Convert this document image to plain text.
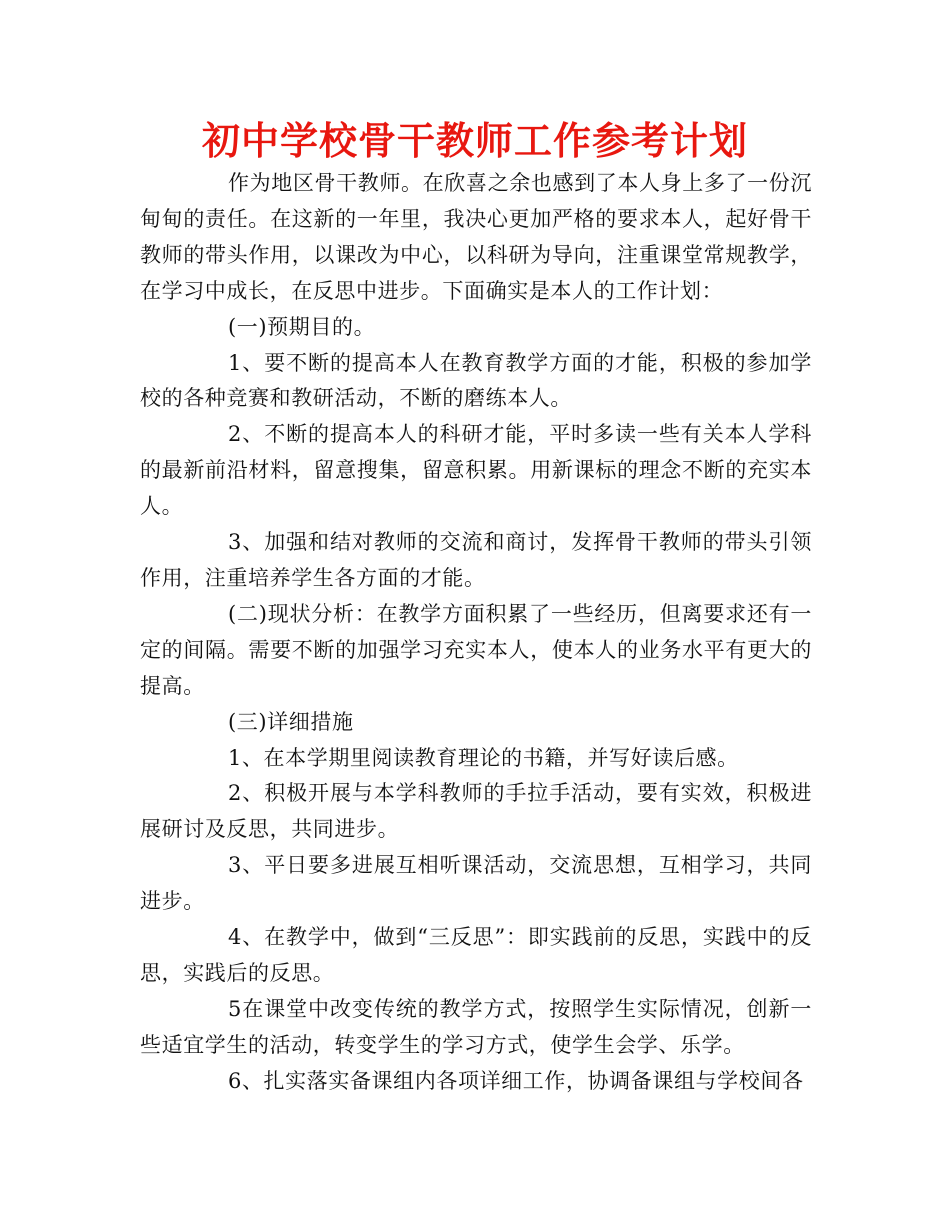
初中学校骨干教师工作参考计划

作为地区骨干教师。在欣喜之余也感到了本人身上多了一份沉甸甸的责任。在这新的一年里，我决心更加严格的要求本人，起好骨干教师的带头作用，以课改为中心，以科研为导向，注重课堂常规教学，在学习中成长，在反思中进步。下面确实是本人的工作计划：

(一)预期目的。

1、要不断的提高本人在教育教学方面的才能，积极的参加学校的各种竞赛和教研活动，不断的磨练本人。

2、不断的提高本人的科研才能，平时多读一些有关本人学科的最新前沿材料，留意搜集，留意积累。用新课标的理念不断的充实本人。

3、加强和结对教师的交流和商讨，发挥骨干教师的带头引领作用，注重培养学生各方面的才能。

(二)现状分析：在教学方面积累了一些经历，但离要求还有一定的间隔。需要不断的加强学习充实本人，使本人的业务水平有更大的提高。

(三)详细措施

1、在本学期里阅读教育理论的书籍，并写好读后感。

2、积极开展与本学科教师的手拉手活动，要有实效，积极进展研讨及反思，共同进步。

3、平日要多进展互相听课活动，交流思想，互相学习，共同进步。

4、在教学中，做到“三反思”：即实践前的反思，实践中的反思，实践后的反思。

5在课堂中改变传统的教学方式，按照学生实际情况，创新一些适宜学生的活动，转变学生的学习方式，使学生会学、乐学。

6、扎实落实备课组内各项详细工作，协调备课组与学校间各
